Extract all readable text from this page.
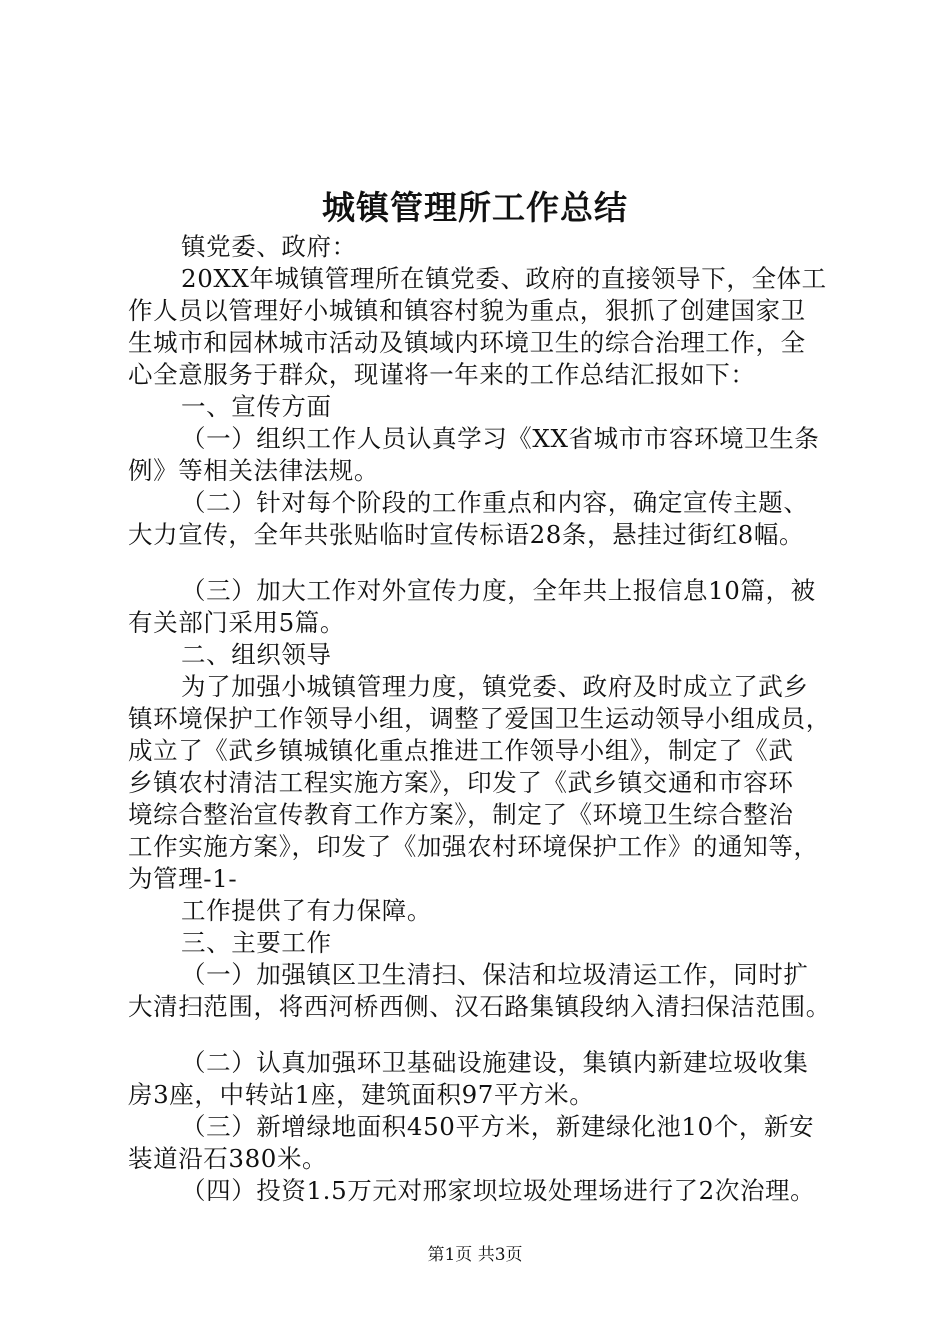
城镇管理所工作总结
镇党委、政府：
20XX年城镇管理所在镇党委、政府的直接领导下，全体工
作人员以管理好小城镇和镇容村貌为重点，狠抓了创建国家卫
生城市和园林城市活动及镇域内环境卫生的综合治理工作，全
心全意服务于群众，现谨将一年来的工作总结汇报如下：
一、宣传方面
（一）组织工作人员认真学习《XX省城市市容环境卫生条
例》等相关法律法规。
（二）针对每个阶段的工作重点和内容，确定宣传主题、
大力宣传，全年共张贴临时宣传标语28条，悬挂过街红8幅。
（三）加大工作对外宣传力度，全年共上报信息10篇，被
有关部门采用5篇。
二、组织领导
为了加强小城镇管理力度，镇党委、政府及时成立了武乡
镇环境保护工作领导小组，调整了爱国卫生运动领导小组成员，
成立了《武乡镇城镇化重点推进工作领导小组》，制定了《武
乡镇农村清洁工程实施方案》，印发了《武乡镇交通和市容环
境综合整治宣传教育工作方案》，制定了《环境卫生综合整治
工作实施方案》，印发了《加强农村环境保护工作》的通知等，
为管理-1-
工作提供了有力保障。
三、主要工作
（一）加强镇区卫生清扫、保洁和垃圾清运工作，同时扩
大清扫范围，将西河桥西侧、汉石路集镇段纳入清扫保洁范围。
（二）认真加强环卫基础设施建设，集镇内新建垃圾收集
房3座，中转站1座，建筑面积97平方米。
（三）新增绿地面积450平方米，新建绿化池10个，新安
装道沿石380米。
（四）投资1.5万元对邢家坝垃圾处理场进行了2次治理。
第1页 共3页
